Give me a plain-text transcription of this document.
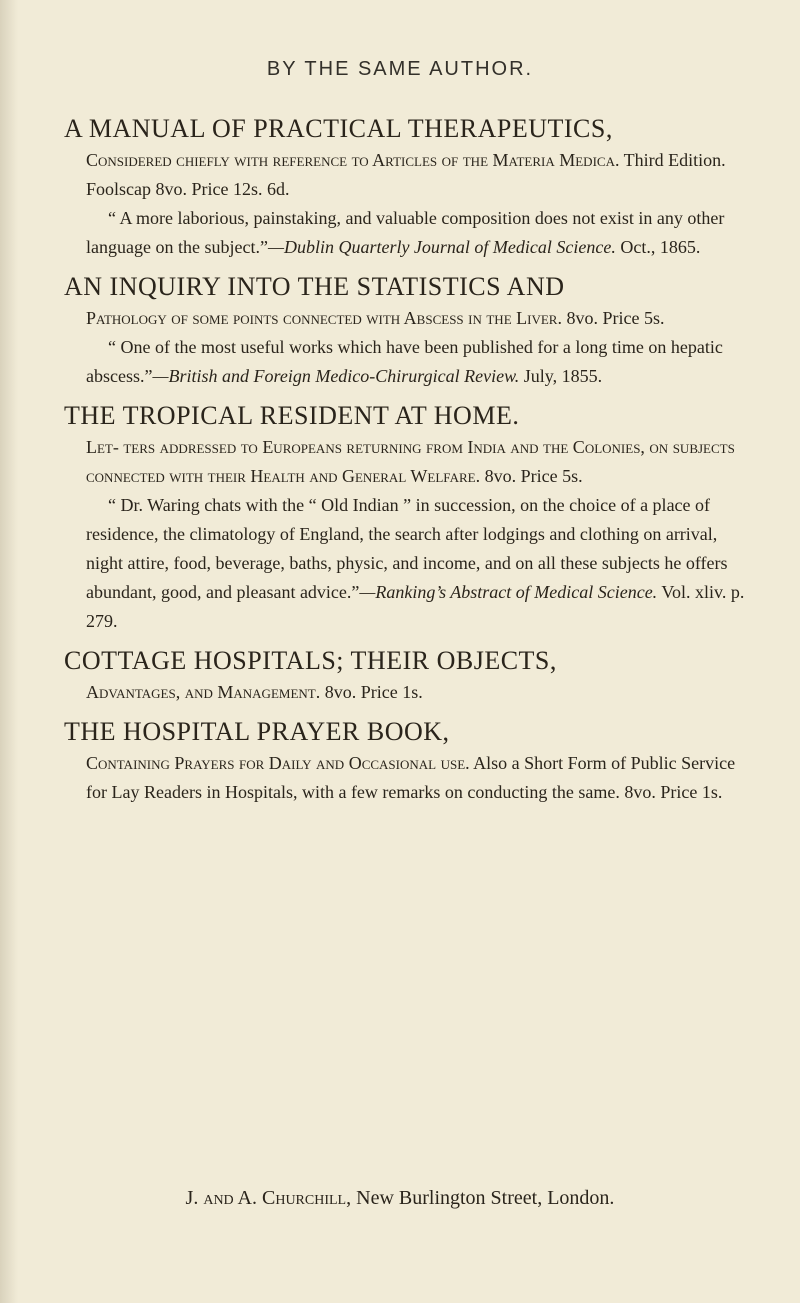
BY THE SAME AUTHOR.
A MANUAL OF PRACTICAL THERAPEUTICS,

Considered chiefly with reference to Articles of the Materia Medica. Third Edition. Foolscap 8vo. Price 12s. 6d.

“ A more laborious, painstaking, and valuable composition does not exist in any other language on the subject.”—Dublin Quarterly Journal of Medical Science. Oct., 1865.

AN INQUIRY INTO THE STATISTICS AND

Pathology of some points connected with Abscess in the Liver. 8vo. Price 5s.

“ One of the most useful works which have been published for a long time on hepatic abscess.”—British and Foreign Medico-Chirurgical Review. July, 1855.

THE TROPICAL RESIDENT AT HOME.

Let- ters addressed to Europeans returning from India and the Colonies, on subjects connected with their Health and General Welfare. 8vo. Price 5s.

“ Dr. Waring chats with the “ Old Indian ” in succession, on the choice of a place of residence, the climatology of England, the search after lodgings and clothing on arrival, night attire, food, beverage, baths, physic, and income, and on all these subjects he offers abundant, good, and pleasant advice.”—Ranking’s Abstract of Medical Science. Vol. xliv. p. 279.

COTTAGE HOSPITALS; THEIR OBJECTS,

Advantages, and Management. 8vo. Price 1s.

THE HOSPITAL PRAYER BOOK,

Containing Prayers for Daily and Occasional use. Also a Short Form of Public Service for Lay Readers in Hospitals, with a few remarks on conducting the same. 8vo. Price 1s.

J. and A. Churchill, New Burlington Street, London.
